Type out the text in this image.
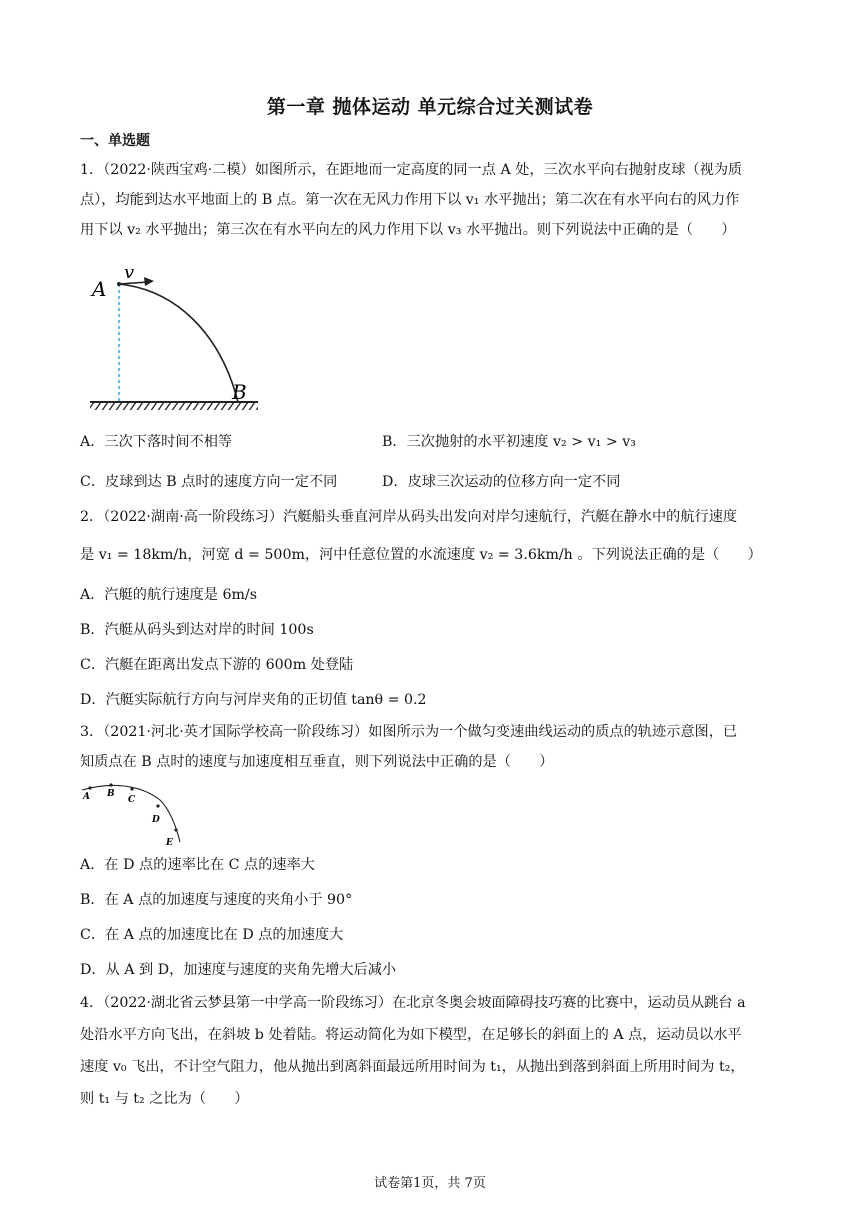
第一章 抛体运动 单元综合过关测试卷
一、单选题
1．（2022·陕西宝鸡·二模）如图所示，在距地而一定高度的同一点 A 处，三次水平向右抛射皮球（视为质
点），均能到达水平地面上的 B 点。第一次在无风力作用下以 v₁ 水平抛出；第二次在有水平向右的风力作
用下以 v₂ 水平抛出；第三次在有水平向左的风力作用下以 v₃ 水平抛出。则下列说法中正确的是（　　）
A
v
B
A．三次下落时间不相等	B．三次抛射的水平初速度 v₂ > v₁ > v₃
C．皮球到达 B 点时的速度方向一定不同	D．皮球三次运动的位移方向一定不同
2．（2022·湖南·高一阶段练习）汽艇船头垂直河岸从码头出发向对岸匀速航行，汽艇在静水中的航行速度
是 v₁ = 18km/h，河宽 d = 500m，河中任意位置的水流速度 v₂ = 3.6km/h 。下列说法正确的是（　　）
A．汽艇的航行速度是 6m/s
B．汽艇从码头到达对岸的时间 100s
C．汽艇在距离出发点下游的 600m 处登陆
D．汽艇实际航行方向与河岸夹角的正切值 tanθ = 0.2
3．（2021·河北·英才国际学校高一阶段练习）如图所示为一个做匀变速曲线运动的质点的轨迹示意图，已
知质点在 B 点时的速度与加速度相互垂直，则下列说法中正确的是（　　）
A B
C
D
E
A．在 D 点的速率比在 C 点的速率大
B．在 A 点的加速度与速度的夹角小于 90°
C．在 A 点的加速度比在 D 点的加速度大
D．从 A 到 D，加速度与速度的夹角先增大后减小
4．（2022·湖北省云梦县第一中学高一阶段练习）在北京冬奥会坡面障碍技巧赛的比赛中，运动员从跳台 a
处沿水平方向飞出，在斜坡 b 处着陆。将运动简化为如下模型，在足够长的斜面上的 A 点，运动员以水平
速度 v₀ 飞出，不计空气阻力，他从抛出到离斜面最远所用时间为 t₁，从抛出到落到斜面上所用时间为 t₂，
则 t₁ 与 t₂ 之比为（　　）
试卷第1页，共 7页
